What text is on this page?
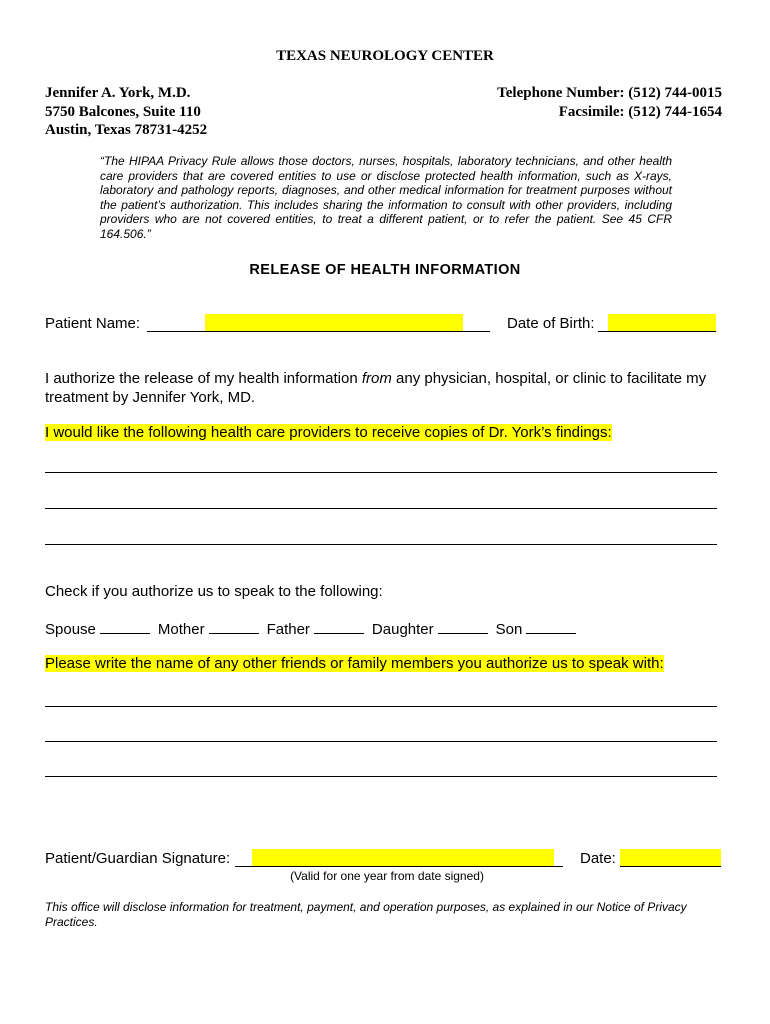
TEXAS NEUROLOGY CENTER
Jennifer A. York, M.D.
5750 Balcones, Suite 110
Austin, Texas 78731-4252
Telephone Number: (512) 744-0015
Facsimile: (512) 744-1654
“The HIPAA Privacy Rule allows those doctors, nurses, hospitals, laboratory technicians, and other health care providers that are covered entities to use or disclose protected health information, such as X-rays, laboratory and pathology reports, diagnoses, and other medical information for treatment purposes without the patient’s authorization. This includes sharing the information to consult with other providers, including providers who are not covered entities, to treat a different patient, or to refer the patient. See 45 CFR 164.506.”
RELEASE OF HEALTH INFORMATION
Patient Name:	Date of Birth:
I authorize the release of my health information from any physician, hospital, or clinic to facilitate my treatment by Jennifer York, MD.
I would like the following health care providers to receive copies of Dr. York’s findings:
Check if you authorize us to speak to the following:
Spouse	Mother	Father	Daughter	Son
Please write the name of any other friends or family members you authorize us to speak with:
Patient/Guardian Signature:	Date:
(Valid for one year from date signed)
This office will disclose information for treatment, payment, and operation purposes, as explained in our Notice of Privacy Practices.
